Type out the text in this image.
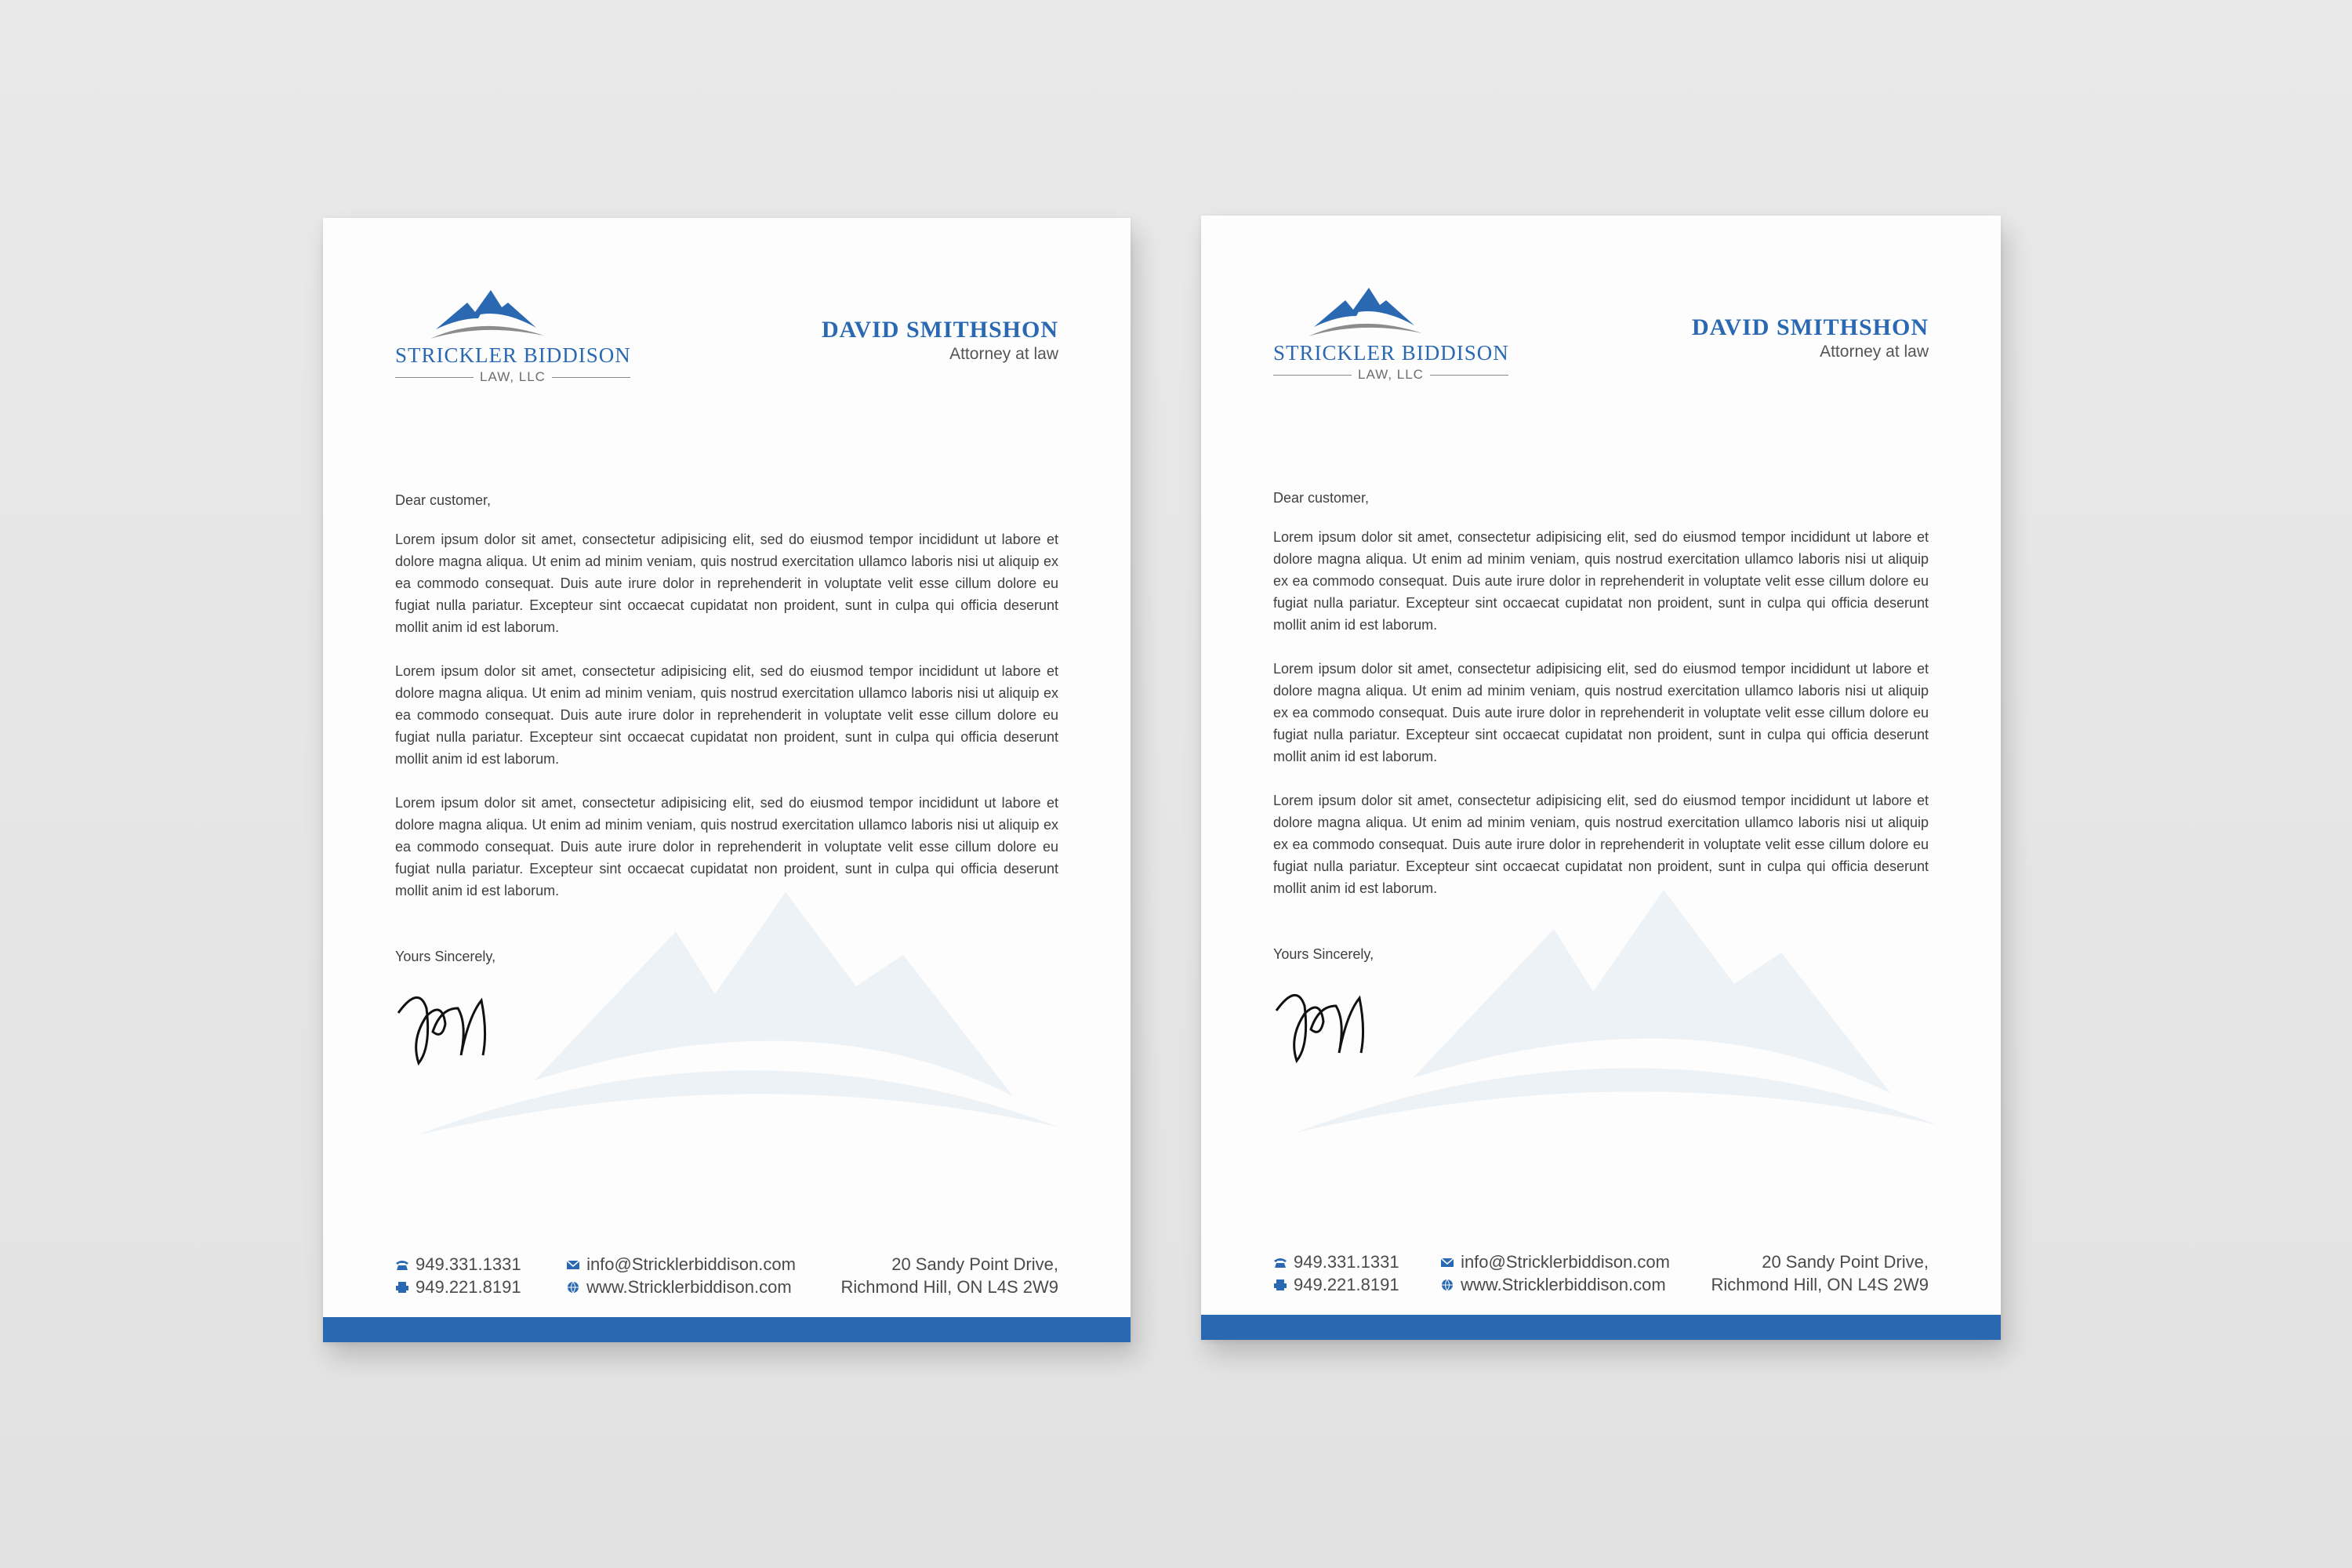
STRICKLER BIDDISON
LAW, LLC
DAVID SMITHSHON
Attorney at law
Dear customer,

Lorem ipsum dolor sit amet, consectetur adipisicing elit, sed do eiusmod tempor incididunt ut labore et dolore magna aliqua. Ut enim ad minim veniam, quis nostrud exercitation ullamco laboris nisi ut aliquip ex ea commodo consequat. Duis aute irure dolor in reprehenderit in voluptate velit esse cillum dolore eu fugiat nulla pariatur. Excepteur sint occaecat cupidatat non proident, sunt in culpa qui officia deserunt mollit anim id est laborum.

Lorem ipsum dolor sit amet, consectetur adipisicing elit, sed do eiusmod tempor incididunt ut labore et dolore magna aliqua. Ut enim ad minim veniam, quis nostrud exercitation ullamco laboris nisi ut aliquip ex ea commodo consequat. Duis aute irure dolor in reprehenderit in voluptate velit esse cillum dolore eu fugiat nulla pariatur. Excepteur sint occaecat cupidatat non proident, sunt in culpa qui officia deserunt mollit anim id est laborum.

Lorem ipsum dolor sit amet, consectetur adipisicing elit, sed do eiusmod tempor incididunt ut labore et dolore magna aliqua. Ut enim ad minim veniam, quis nostrud exercitation ullamco laboris nisi ut aliquip ex ea commodo consequat. Duis aute irure dolor in reprehenderit in voluptate velit esse cillum dolore eu fugiat nulla pariatur. Excepteur sint occaecat cupidatat non proident, sunt in culpa qui officia deserunt mollit anim id est laborum.

Yours Sincerely,
949.331.1331
949.221.8191
info@Stricklerbiddison.com
www.Stricklerbiddison.com
20 Sandy Point Drive,
Richmond Hill, ON L4S 2W9
STRICKLER BIDDISON
LAW, LLC
DAVID SMITHSHON
Attorney at law
Dear customer,

Lorem ipsum dolor sit amet, consectetur adipisicing elit, sed do eiusmod tempor incididunt ut labore et dolore magna aliqua. Ut enim ad minim veniam, quis nostrud exercitation ullamco laboris nisi ut aliquip ex ea commodo consequat. Duis aute irure dolor in reprehenderit in voluptate velit esse cillum dolore eu fugiat nulla pariatur. Excepteur sint occaecat cupidatat non proident, sunt in culpa qui officia deserunt mollit anim id est laborum.

Lorem ipsum dolor sit amet, consectetur adipisicing elit, sed do eiusmod tempor incididunt ut labore et dolore magna aliqua. Ut enim ad minim veniam, quis nostrud exercitation ullamco laboris nisi ut aliquip ex ea commodo consequat. Duis aute irure dolor in reprehenderit in voluptate velit esse cillum dolore eu fugiat nulla pariatur. Excepteur sint occaecat cupidatat non proident, sunt in culpa qui officia deserunt mollit anim id est laborum.

Lorem ipsum dolor sit amet, consectetur adipisicing elit, sed do eiusmod tempor incididunt ut labore et dolore magna aliqua. Ut enim ad minim veniam, quis nostrud exercitation ullamco laboris nisi ut aliquip ex ea commodo consequat. Duis aute irure dolor in reprehenderit in voluptate velit esse cillum dolore eu fugiat nulla pariatur. Excepteur sint occaecat cupidatat non proident, sunt in culpa qui officia deserunt mollit anim id est laborum.

Yours Sincerely,
949.331.1331
949.221.8191
info@Stricklerbiddison.com
www.Stricklerbiddison.com
20 Sandy Point Drive,
Richmond Hill, ON L4S 2W9
